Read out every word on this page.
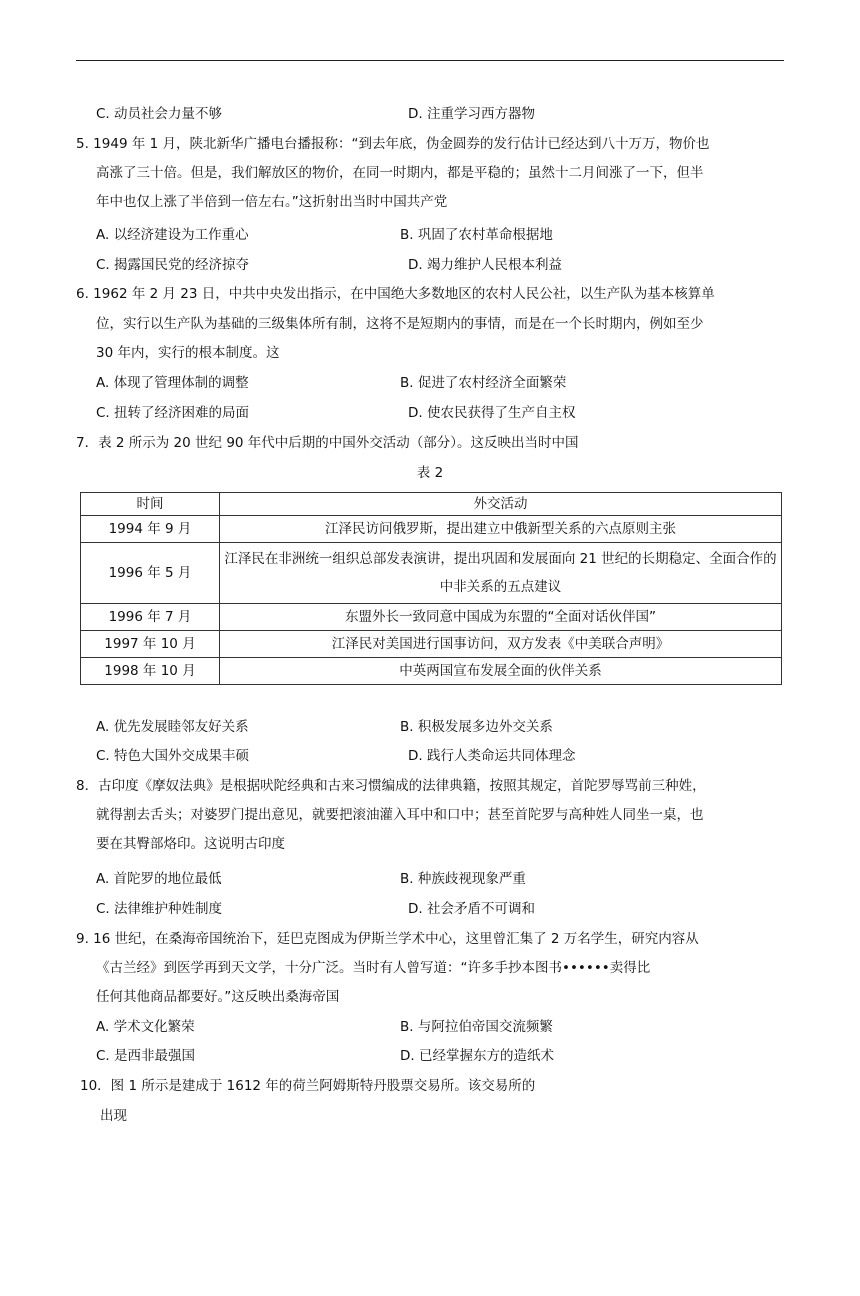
C. 动员社会力量不够	D. 注重学习西方器物
5. 1949 年 1 月，陕北新华广播电台播报称：“到去年底，伪金圆券的发行估计已经达到八十万万，物价也
高涨了三十倍。但是，我们解放区的物价，在同一时期内，都是平稳的；虽然十二月间涨了一下，但半
年中也仅上涨了半倍到一倍左右。”这折射出当时中国共产党
A. 以经济建设为工作重心	B. 巩固了农村革命根据地
C. 揭露国民党的经济掠夺	D. 竭力维护人民根本利益
6. 1962 年 2 月 23 日，中共中央发出指示，在中国绝大多数地区的农村人民公社，以生产队为基本核算单
位，实行以生产队为基础的三级集体所有制，这将不是短期内的事情，而是在一个长时期内，例如至少
30 年内，实行的根本制度。这
A. 体现了管理体制的调整	B. 促进了农村经济全面繁荣
C. 扭转了经济困难的局面	D. 使农民获得了生产自主权
7．表 2 所示为 20 世纪 90 年代中后期的中国外交活动（部分）。这反映出当时中国
表 2
时间	外交活动
1994 年 9 月	江泽民访问俄罗斯，提出建立中俄新型关系的六点原则主张
1996 年 5 月	江泽民在非洲统一组织总部发表演讲，提出巩固和发展面向 21 世纪的长期稳定、全面合作的中非关系的五点建议
1996 年 7 月	东盟外长一致同意中国成为东盟的“全面对话伙伴国”
1997 年 10 月	江泽民对美国进行国事访问，双方发表《中美联合声明》
1998 年 10 月	中英两国宣布发展全面的伙伴关系
A. 优先发展睦邻友好关系	B. 积极发展多边外交关系
C. 特色大国外交成果丰硕	D. 践行人类命运共同体理念
8．古印度《摩奴法典》是根据吠陀经典和古来习惯编成的法律典籍，按照其规定，首陀罗辱骂前三种姓，
就得割去舌头；对婆罗门提出意见，就要把滚油灌入耳中和口中；甚至首陀罗与高种姓人同坐一桌，也
要在其臀部烙印。这说明古印度
A. 首陀罗的地位最低	B. 种族歧视现象严重
C. 法律维护种姓制度	D. 社会矛盾不可调和
9. 16 世纪，在桑海帝国统治下，廷巴克图成为伊斯兰学术中心，这里曾汇集了 2 万名学生，研究内容从
《古兰经》到医学再到天文学，十分广泛。当时有人曾写道：“许多手抄本图书••••••卖得比
任何其他商品都要好。”这反映出桑海帝国
A. 学术文化繁荣	B. 与阿拉伯帝国交流频繁
C. 是西非最强国	D. 已经掌握东方的造纸术
10．图 1 所示是建成于 1612 年的荷兰阿姆斯特丹股票交易所。该交易所的
出现
